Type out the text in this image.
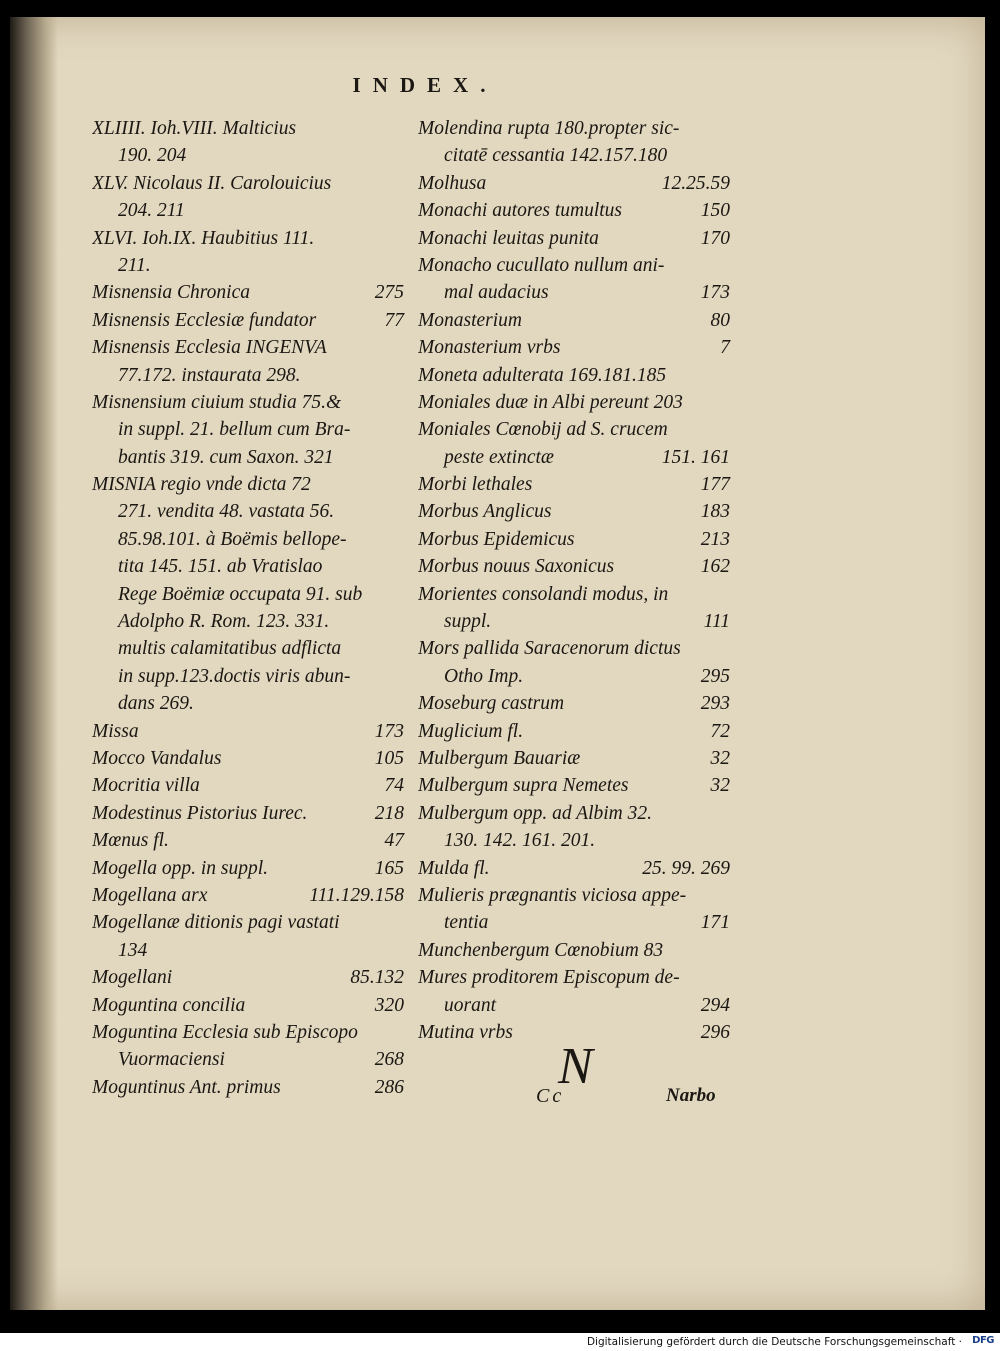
INDEX.
XLIIII. Ioh.VIII. Malticius
190. 204
XLV. Nicolaus II. Carolouicius
204. 211
XLVI. Ioh.IX. Haubitius 111.
211.
Misnensia Chronica	275
Misnensis Ecclesiæ fundator	77
Misnensis Ecclesia INGENVA
77.172. instaurata 298.
Misnensium ciuium studia 75.&
in suppl. 21. bellum cum Bra-
bantis 319. cum Saxon. 321
MISNIA regio vnde dicta 72
271. vendita 48. vastata 56.
85.98.101. à Boëmis bellope-
tita 145. 151. ab Vratislao
Rege Boëmiæ occupata 91. sub
Adolpho R. Rom. 123. 331.
multis calamitatibus adflicta
in supp.123.doctis viris abun-
dans 269.
Missa	173
Mocco Vandalus	105
Mocritia villa	74
Modestinus Pistorius Iurec.	218
Mœnus fl.	47
Mogella opp. in suppl.	165
Mogellana arx	111.129.158
Mogellanæ ditionis pagi vastati
134
Mogellani	85.132
Moguntina concilia	320
Moguntina Ecclesia sub Episcopo
Vuormaciensi	268
Moguntinus Ant. primus	286
Molendina rupta 180.propter sic-
citatē cessantia 142.157.180
Molhusa	12.25.59
Monachi autores tumultus	150
Monachi leuitas punita	170
Monacho cucullato nullum ani-
mal audacius	173
Monasterium	80
Monasterium vrbs	7
Moneta adulterata 169.181.185
Moniales duæ in Albi pereunt 203
Moniales Cœnobij ad S. crucem
peste extinctæ	151. 161
Morbi lethales	177
Morbus Anglicus	183
Morbus Epidemicus	213
Morbus nouus Saxonicus	162
Morientes consolandi modus, in
suppl.	111
Mors pallida Saracenorum dictus
Otho Imp.	295
Moseburg castrum	293
Muglicium fl.	72
Mulbergum Bauariæ	32
Mulbergum supra Nemetes	32
Mulbergum opp. ad Albim 32.
130. 142. 161. 201.
Mulda fl.	25. 99. 269
Mulieris prægnantis viciosa appe-
tentia	171
Munchenbergum Cœnobium 83
Mures proditorem Episcopum de-
uorant	294
Mutina vrbs	296
N
Cc	Narbo
Digitalisierung gefördert durch die Deutsche Forschungsgemeinschaft · DFG
